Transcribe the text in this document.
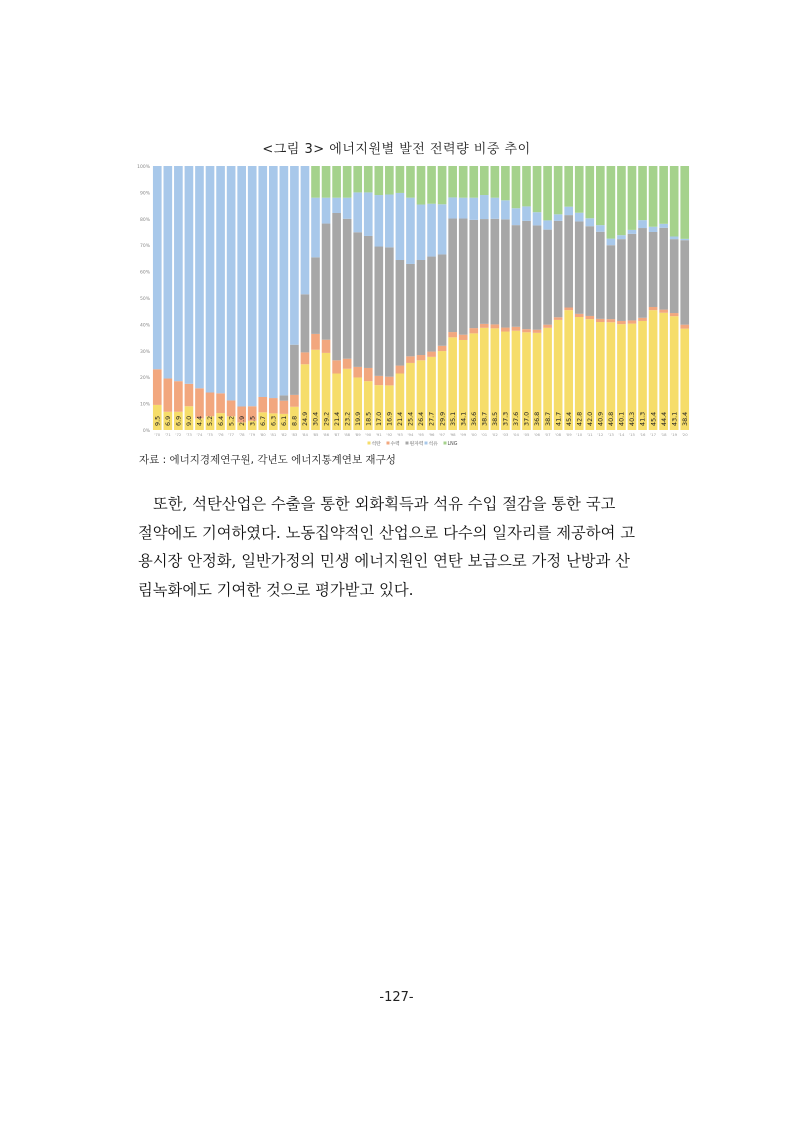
<그림 3> 에너지원별 발전 전력량 비중 추이
0%
10%
20%
30%
40%
50%
60%
70%
80%
90%
100%
9.5 6.9 6.9 9.0 4.4 5.2 6.4 5.2 2.9 3.5 6.7 6.3 6.1 8.8 24.9 30.4 29.2 21.4 23.2 19.9 18.5 17.0 16.9 21.4 25.4 26.4 27.7 29.9 35.1 34.1 36.6 38.7 38.5 37.3 37.6 37.0 36.8 38.7 41.7 45.4 42.8 42.0 40.9 40.8 40.1 40.3 41.3 45.4 44.4 43.1 38.4
'70 '71 '72 '73 '74 '75 '76 '77 '78 '79 '80 '81 '82 '83 '84 '85 '86 '87 '88 '89 '90 '91 '92 '93 '94 '95 '96 '97 '98 '99 '00 '01 '02 '03 '04 '05 '06 '07 '08 '09 '10 '11 '12 '13 '14 '15 '16 '17 '18 '19 '20
석탄 수력 원자력 석유 LNG
자료 : 에너지경제연구원, 각년도 에너지통계연보 재구성
또한, 석탄산업은 수출을 통한 외화획득과 석유 수입 절감을 통한 국고
절약에도 기여하였다. 노동집약적인 산업으로 다수의 일자리를 제공하여 고
용시장 안정화, 일반가정의 민생 에너지원인 연탄 보급으로 가정 난방과 산
림녹화에도 기여한 것으로 평가받고 있다.
-127-
